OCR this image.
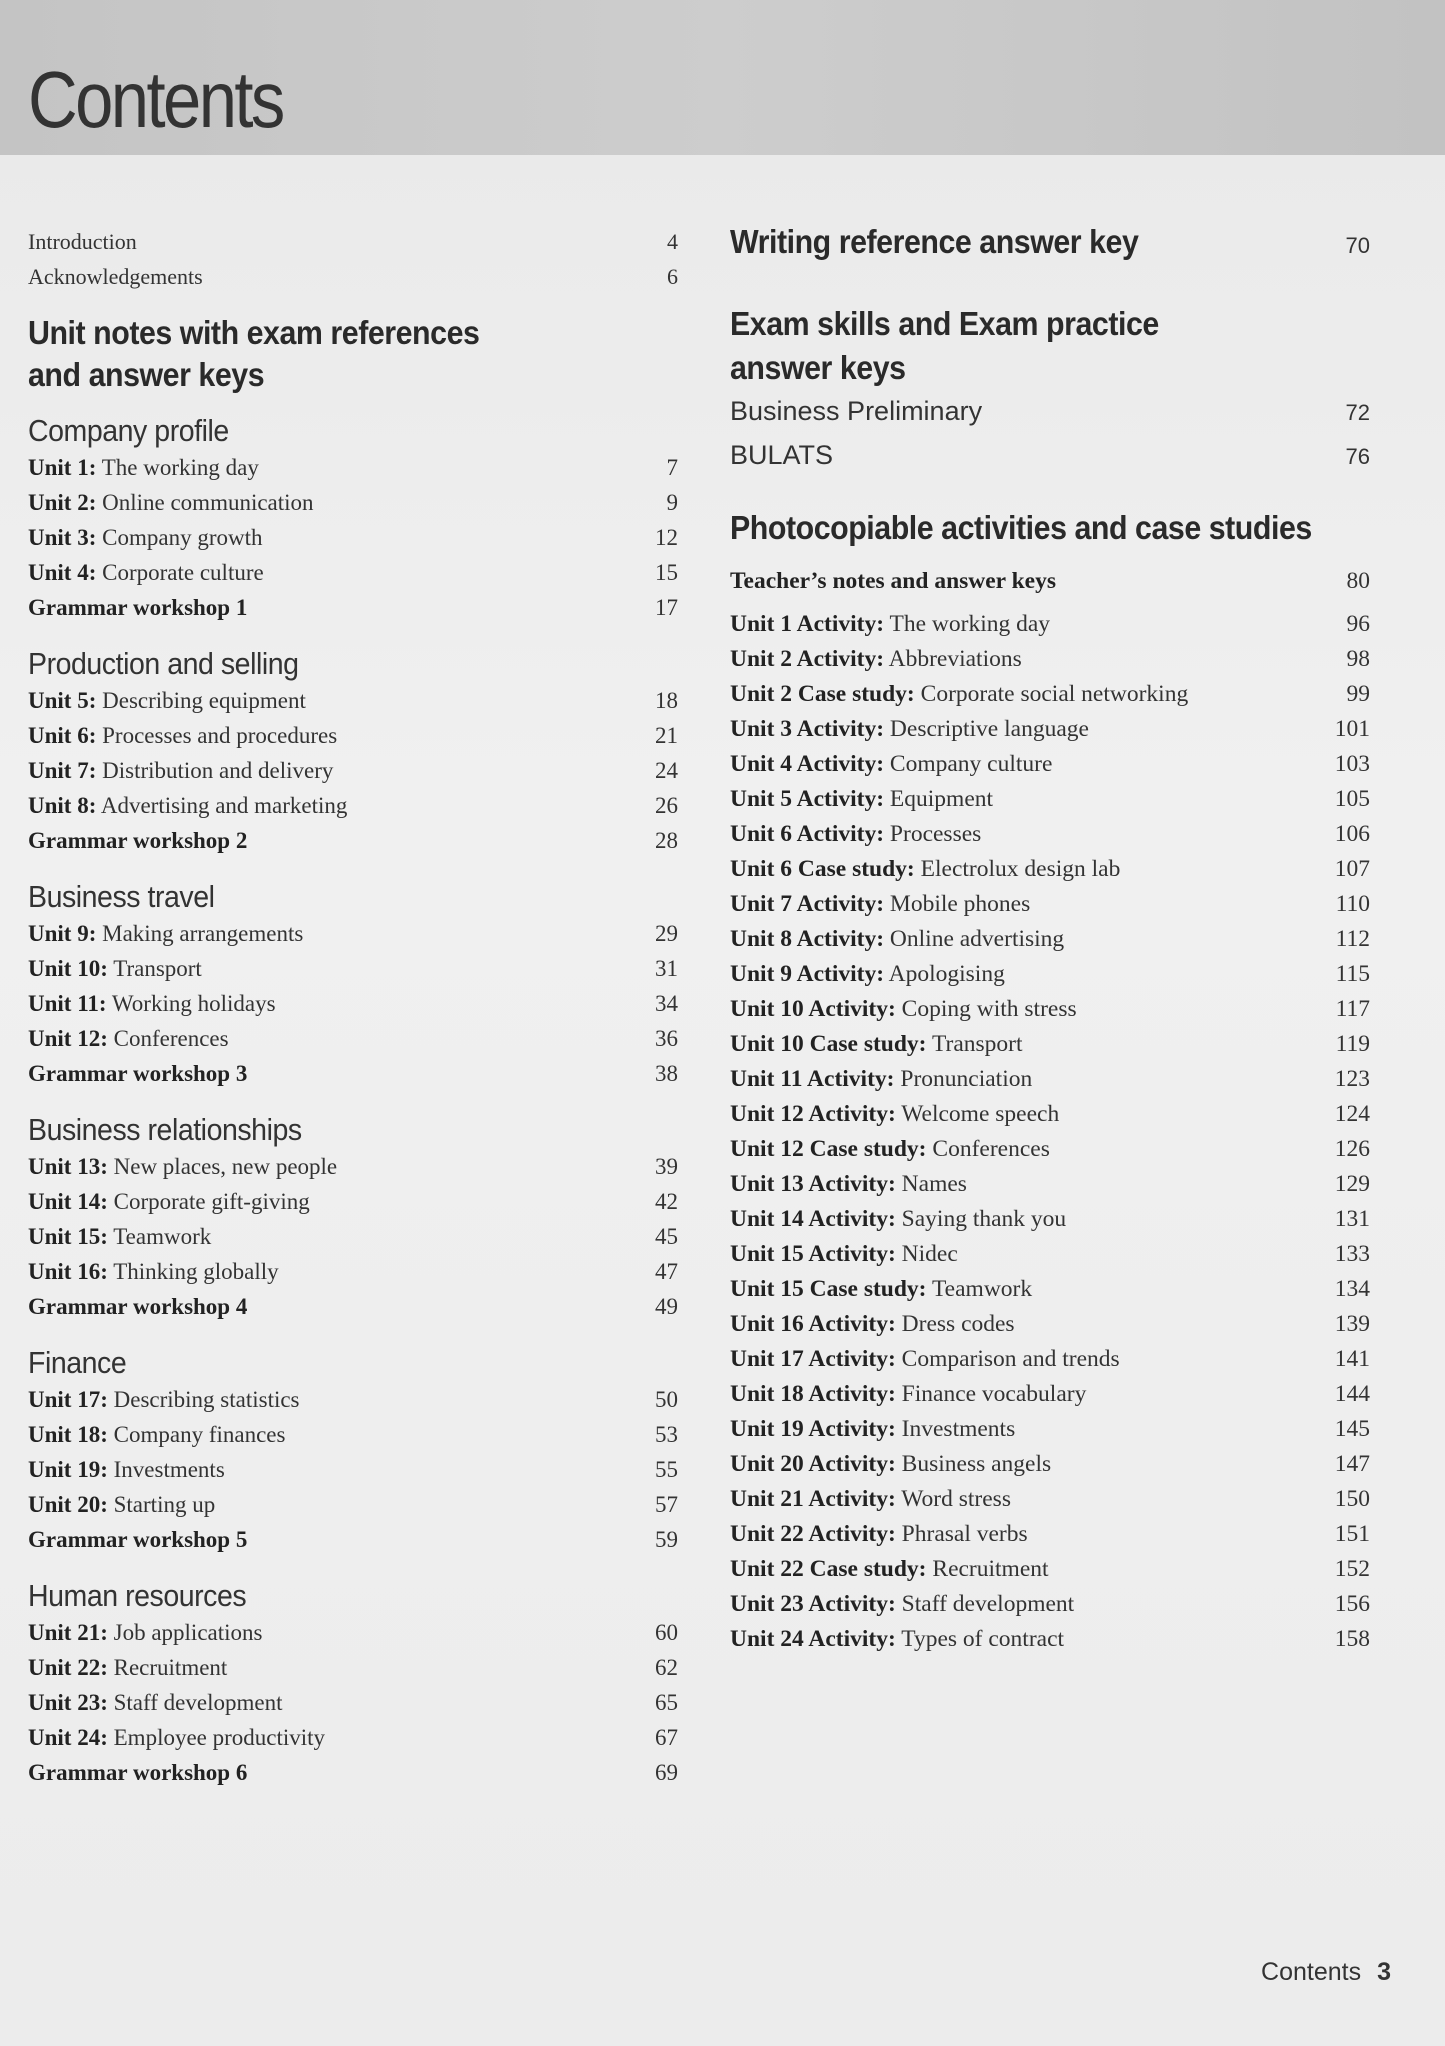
Contents
Introduction	4
Acknowledgements	6
Unit notes with exam references
and answer keys
Company profile
Unit 1: The working day	7
Unit 2: Online communication	9
Unit 3: Company growth	12
Unit 4: Corporate culture	15
Grammar workshop 1	17
Production and selling
Unit 5: Describing equipment	18
Unit 6: Processes and procedures	21
Unit 7: Distribution and delivery	24
Unit 8: Advertising and marketing	26
Grammar workshop 2	28
Business travel
Unit 9: Making arrangements	29
Unit 10: Transport	31
Unit 11: Working holidays	34
Unit 12: Conferences	36
Grammar workshop 3	38
Business relationships
Unit 13: New places, new people	39
Unit 14: Corporate gift-giving	42
Unit 15: Teamwork	45
Unit 16: Thinking globally	47
Grammar workshop 4	49
Finance
Unit 17: Describing statistics	50
Unit 18: Company finances	53
Unit 19: Investments	55
Unit 20: Starting up	57
Grammar workshop 5	59
Human resources
Unit 21: Job applications	60
Unit 22: Recruitment	62
Unit 23: Staff development	65
Unit 24: Employee productivity	67
Grammar workshop 6	69
Writing reference answer key	70
Exam skills and Exam practice
answer keys
Business Preliminary	72
BULATS	76
Photocopiable activities and case studies
Teacher’s notes and answer keys	80
Unit 1 Activity: The working day	96
Unit 2 Activity: Abbreviations	98
Unit 2 Case study: Corporate social networking	99
Unit 3 Activity: Descriptive language	101
Unit 4 Activity: Company culture	103
Unit 5 Activity: Equipment	105
Unit 6 Activity: Processes	106
Unit 6 Case study: Electrolux design lab	107
Unit 7 Activity: Mobile phones	110
Unit 8 Activity: Online advertising	112
Unit 9 Activity: Apologising	115
Unit 10 Activity: Coping with stress	117
Unit 10 Case study: Transport	119
Unit 11 Activity: Pronunciation	123
Unit 12 Activity: Welcome speech	124
Unit 12 Case study: Conferences	126
Unit 13 Activity: Names	129
Unit 14 Activity: Saying thank you	131
Unit 15 Activity: Nidec	133
Unit 15 Case study: Teamwork	134
Unit 16 Activity: Dress codes	139
Unit 17 Activity: Comparison and trends	141
Unit 18 Activity: Finance vocabulary	144
Unit 19 Activity: Investments	145
Unit 20 Activity: Business angels	147
Unit 21 Activity: Word stress	150
Unit 22 Activity: Phrasal verbs	151
Unit 22 Case study: Recruitment	152
Unit 23 Activity: Staff development	156
Unit 24 Activity: Types of contract	158
Contents 3
